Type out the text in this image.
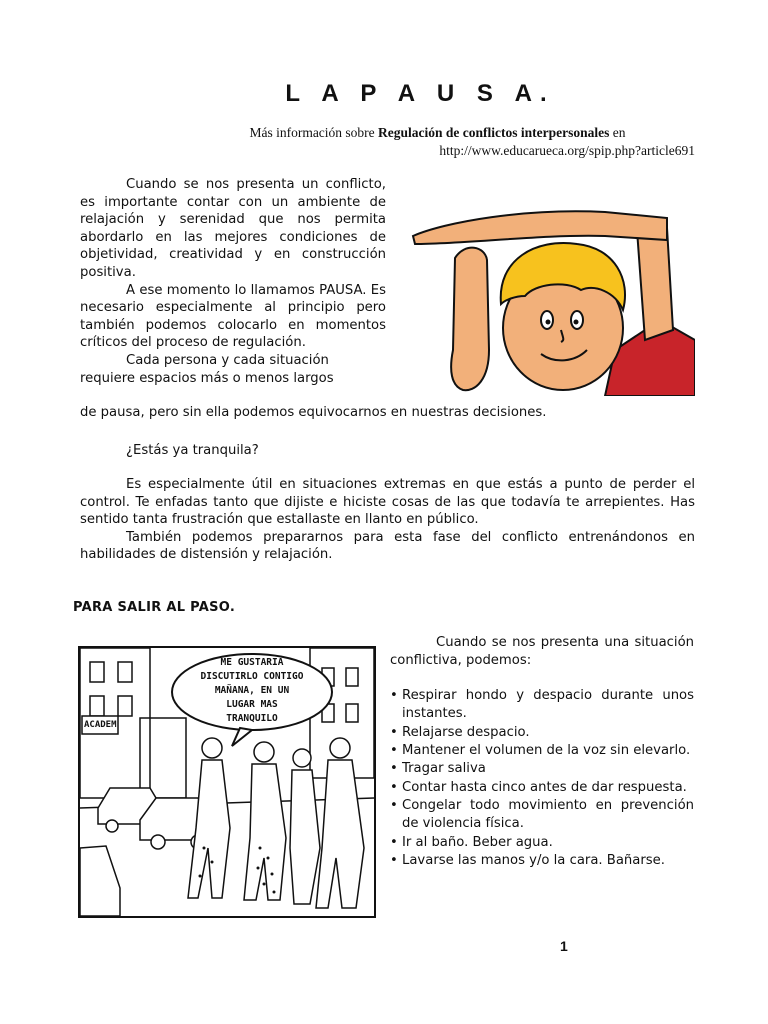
L A P A U S A.
Más información sobre Regulación de conflictos interpersonales en
http://www.educarueca.org/spip.php?article691
Cuando se nos presenta un conflicto, es importante contar con un ambiente de relajación y serenidad que nos permita abordarlo en las mejores condiciones de objetividad, creatividad y en construcción positiva.
A ese momento lo llamamos PAUSA. Es necesario especialmente al principio pero también podemos colocarlo en momentos críticos del proceso de regulación.
Cada persona y cada situación requiere espacios más o menos largos
de pausa, pero sin ella podemos equivocarnos en nuestras decisiones.
¿Estás ya tranquila?
Es especialmente útil en situaciones extremas en que estás a punto de perder el control. Te enfadas tanto que dijiste e hiciste cosas de las que todavía te arrepientes. Has sentido tanta frustración que estallaste en llanto en público.
También podemos prepararnos para esta fase del conflicto entrenándonos en habilidades de distensión y relajación.
PARA SALIR AL PASO.
ACADEM
ME GUSTARIA
DISCUTIRLO CONTIGO
MAÑANA, EN UN
LUGAR MAS
TRANQUILO
Cuando se nos presenta una situación conflictiva, podemos:
• Respirar hondo y despacio durante unos instantes.
• Relajarse despacio.
• Mantener el volumen de la voz sin elevarlo.
• Tragar saliva
• Contar hasta cinco antes de dar respuesta.
• Congelar todo movimiento en prevención de violencia física.
• Ir al baño. Beber agua.
• Lavarse las manos y/o la cara. Bañarse.
1
